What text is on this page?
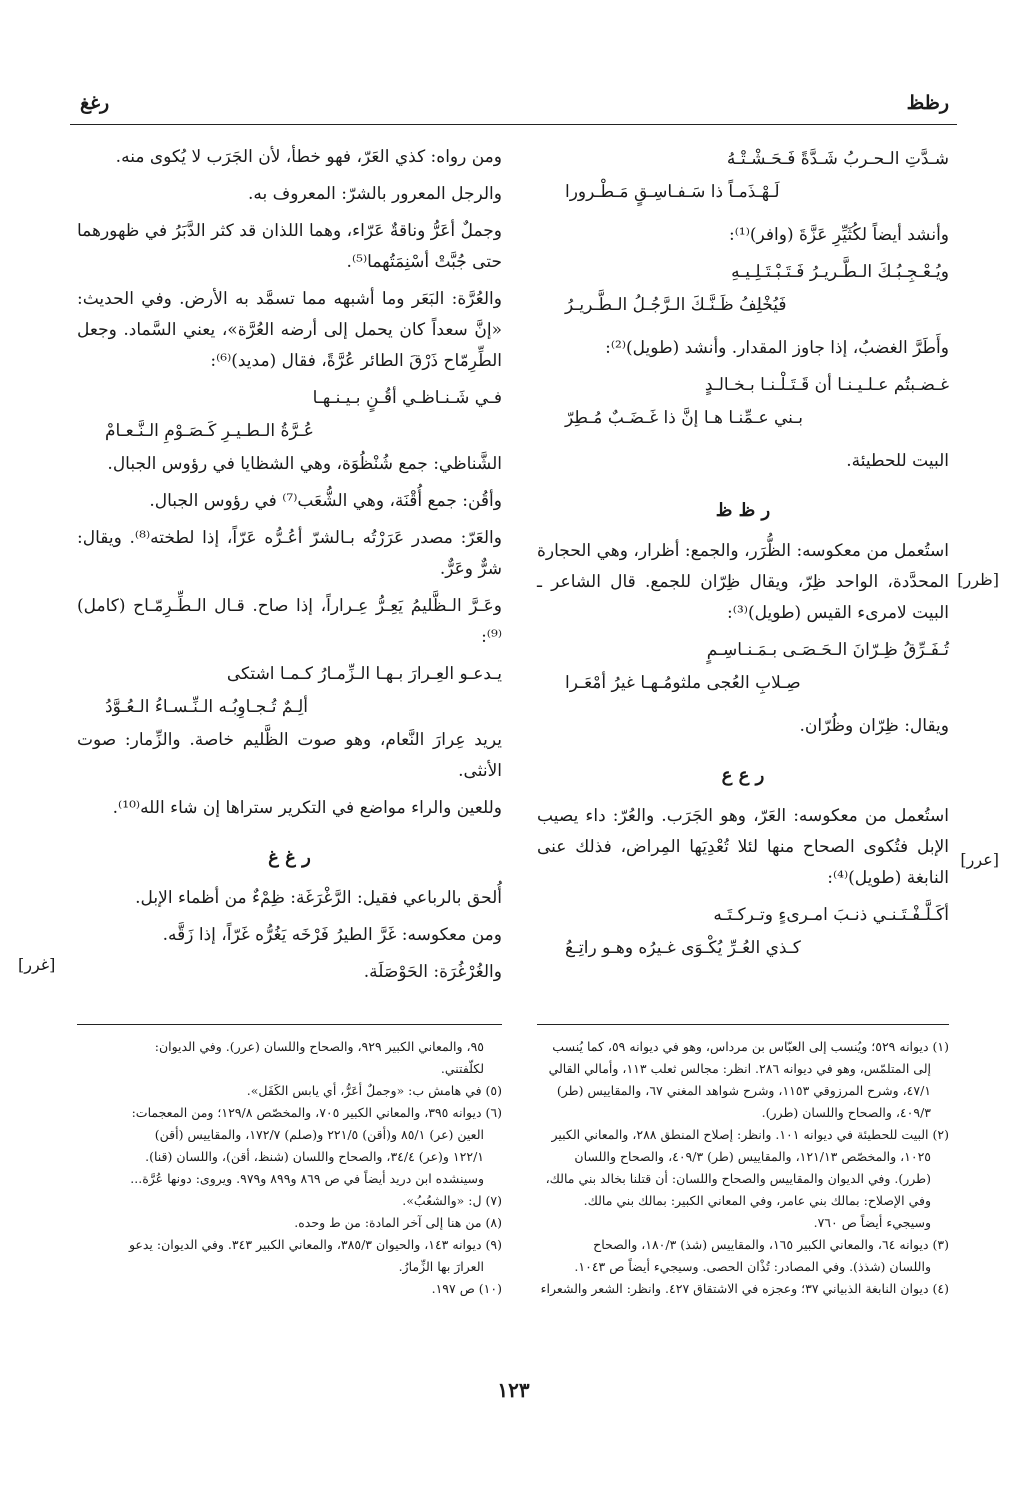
رظظ
رغغ
شـدَّتِ الـحـربُ شَـدَّةً فَـحَـشْـتْـهُ
لَـهْـذَمـاً ذا سَـفـاسِـقٍ مَـطْـرورا

وأنشد أيضاً لكُثَيِّرِ عَزَّةَ (وافر)⁽¹⁾:

ويُـعْـجِـبُـكَ الـطَّـريـرُ فَـتَـبْـتَـلِـيـهِ
فَيُخْلِفُ ظَـنَّـكَ الـرَّجُـلُ الـطَّـريـرُ

وأَطَرَّ الغضبُ، إذا جاوز المقدار. وأنشد (طويل)⁽²⁾:

غـضـبتُم عـلـيـنـا أن قَـتَـلْـنـا بـخـالـدٍ
بـني عـمِّنـا هـا إنَّ ذا غَـضَـبٌ مُـطِرّ

البيت للحطيئة.

ر ظ ظ

استُعمل من معكوسه: الظُّرَر، والجمع: أظرار، وهي الحجارة المحدَّدة، الواحد ظِرّ، ويقال ظِرّان للجمع. قال الشاعر ـ البيت لامرىء القيس (طويل)⁽³⁾:

تُـفَـرِّقُ ظِـرّانَ الـحَـصَـى بـمَـنـاسِـمٍ
صِـلابِ العُجى ملثومُـهـا غيرُ أمْعَـرا

ويقال: ظِرّان وظُرّان.

ر ع ع

استُعمل من معكوسه: العَرّ، وهو الجَرَب. والعُرّ: داء يصيب الإبل فتُكوى الصحاح منها لئلا تُعْدِيَها المِراض، فذلك عنى النابغة (طويل)⁽⁴⁾:

أكَـلَّـفْـتَـنـي ذنـبَ امـرىءٍ وتـركـتَـه
كـذي العُـرِّ يُكْـوَى غـيرُه وهـو راتِـعُ
[ظرر]
[عرر]

ومن رواه: كذي العَرّ، فهو خطأ، لأن الجَرَب لا يُكوى منه.

والرجل المعرور بالشرّ: المعروف به.

وجملٌ أعَرُّ وناقةٌ عَرّاء، وهما اللذان قد كثر الدَّبَرُ في ظهورهما حتى جُبَّتْ أسْنِمَتُهما⁽⁵⁾.

والعُرَّة: البَعَر وما أشبهه مما تسمَّد به الأرض. وفي الحديث: «إنَّ سعداً كان يحمل إلى أرضه العُرَّة»، يعني السَّماد. وجعل الطِّرِمّاح ذَرْقَ الطائر عُرَّةً، فقال (مديد)⁽⁶⁾:

فـي شَـنـاظـي أقُـنٍ بـيـنـهـا
عُـرَّةُ الـطـيـرِ كَـصَـوْمِ الـنَّـعـامْ

الشَّناظي: جمع شُنْظُوَة، وهي الشظايا في رؤوس الجبال.

وأقُن: جمع أُقْنَة، وهي الشُّعَب⁽⁷⁾ في رؤوس الجبال.

والعَرّ: مصدر عَرَرْتُه بـالشرّ أعُـرُّه عَرّاً، إذا لطخته⁽⁸⁾. ويقال: شرٌّ وعَرٌّ.

وعَـرَّ الـظَّليمُ يَعِـرُّ عِـراراً، إذا صاح. قـال الـطِّـرِمّـاح (كامل)⁽⁹⁾:

يـدعـو العِـرارَ بـهـا الـزِّمـارُ كـمـا اشتكى
ألِـمٌ تُـجـاوِبُـه الـنِّـسـاءُ الـعُـوَّدُ

يريد عِرارَ النَّعام، وهو صوت الظَّليم خاصة. والزِّمار: صوت الأنثى.

وللعين والراء مواضع في التكرير ستراها إن شاء الله⁽¹⁰⁾.

ر غ غ

أُلحق بالرباعي فقيل: الرَّغْرَغَة: ظِمْءٌ من أظماء الإبل.

ومن معكوسه: غَرَّ الطيرُ فَرْخَه يَغُرُّه غَرّاً، إذا زَقَّه.

والغُرْغُرَة: الحَوْصَلَة.

[غرر]
(١) ديوانه ٥٢٩؛ ويُنسب إلى العبّاس بن مرداس، وهو في ديوانه ٥٩، كما يُنسب
إلى المتلمّس، وهو في ديوانه ٢٨٦. انظر: مجالس ثعلب ١١٣، وأمالي القالي
٤٧/١، وشرح المرزوقي ١١٥٣، وشرح شواهد المغني ٦٧، والمقاييس (طر)
٤٠٩/٣، والصحاح واللسان (طرر).
(٢) البيت للحطيئة في ديوانه ١٠١. وانظر: إصلاح المنطق ٢٨٨، والمعاني الكبير
١٠٢٥، والمخصّص ١٢١/١٣، والمقاييس (طر) ٤٠٩/٣، والصحاح واللسان
(طرر). وفي الديوان والمقاييس والصحاح واللسان: أن قتلنا بخالد بني مالك،
وفي الإصلاح: بمالك بني عامر، وفي المعاني الكبير: بمالك بني مالك.
وسيجيء أيضاً ص ٧٦٠.
(٣) ديوانه ٦٤، والمعاني الكبير ١٦٥، والمقاييس (شذ) ١٨٠/٣، والصحاح
واللسان (شذذ). وفي المصادر: تُذْان الحصى. وسيجيء أيضاً ص ١٠٤٣.
(٤) ديوان النابغة الذبياني ٣٧؛ وعجزه في الاشتقاق ٤٢٧. وانظر: الشعر والشعراء
٩٥، والمعاني الكبير ٩٢٩، والصحاح واللسان (عرر). وفي الديوان:
لكلّفتني.
(٥) في هامش ب: «وجملٌ أعَرُّ، أي يابس الكَفَل».
(٦) ديوانه ٣٩٥، والمعاني الكبير ٧٠٥، والمخصّص ١٢٩/٨؛ ومن المعجمات:
العين (عر) ٨٥/١ و(أقن) ٢٢١/٥ و(صلم) ١٧٢/٧، والمقاييس (أقن)
١٢٢/١ و(عر) ٣٤/٤، والصحاح واللسان (شنظ، أقن)، واللسان (قنا).
وسينشده ابن دريد أيضاً في ص ٨٦٩ و٨٩٩ و٩٧٩. ويروى: دونها عُرَّة...
(٧) ل: «والشعُبُ».
(٨) من هنا إلى آخر المادة: من ط وحده.
(٩) ديوانه ١٤٣، والحيوان ٣٨٥/٣، والمعاني الكبير ٣٤٣. وفي الديوان: يدعو
العرارَ بها الزِّمارُ.
(١٠) ص ١٩٧.
١٢٣
